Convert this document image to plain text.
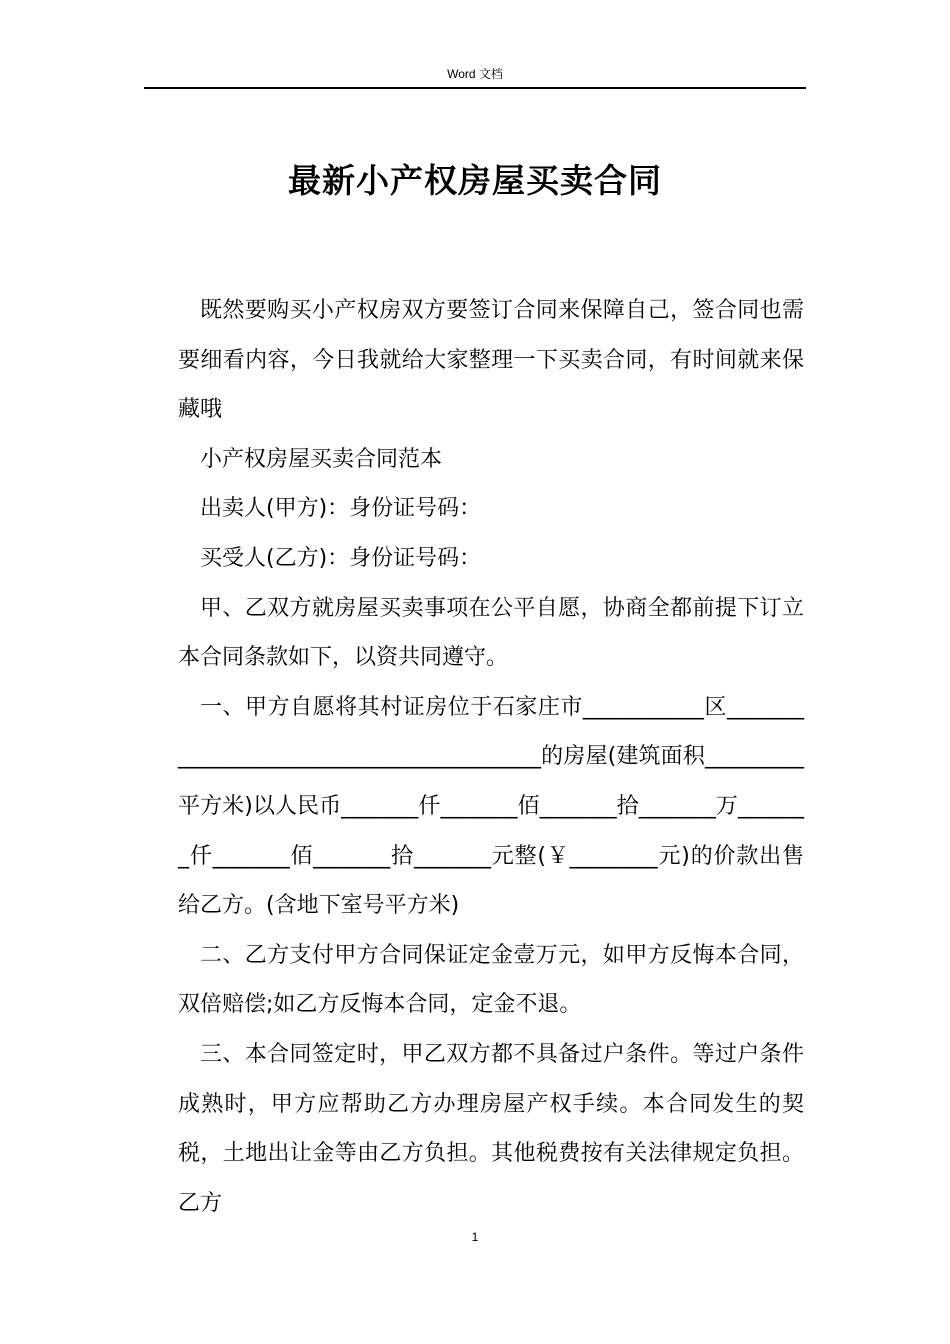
Word 文档
最新小产权房屋买卖合同

既然要购买小产权房双方要签订合同来保障自己，签合同也需要细看内容，今日我就给大家整理一下买卖合同，有时间就来保藏哦

小产权房屋买卖合同范本

出卖人(甲方)：身份证号码：

买受人(乙方)：身份证号码：

甲、乙双方就房屋买卖事项在公平自愿，协商全都前提下订立本合同条款如下，以资共同遵守。

一、甲方自愿将其村证房位于石家庄市___________区_______ _________________________________的房屋(建筑面积_________平方米)以人民币_______仟_______佰_______拾_______万_______仟_______佰_______拾_______元整(￥________元)的价款出售给乙方。(含地下室号平方米)

二、乙方支付甲方合同保证定金壹万元，如甲方反悔本合同，双倍赔偿;如乙方反悔本合同，定金不退。

三、本合同签定时，甲乙双方都不具备过户条件。等过户条件成熟时，甲方应帮助乙方办理房屋产权手续。本合同发生的契税，土地出让金等由乙方负担。其他税费按有关法律规定负担。乙方

1
